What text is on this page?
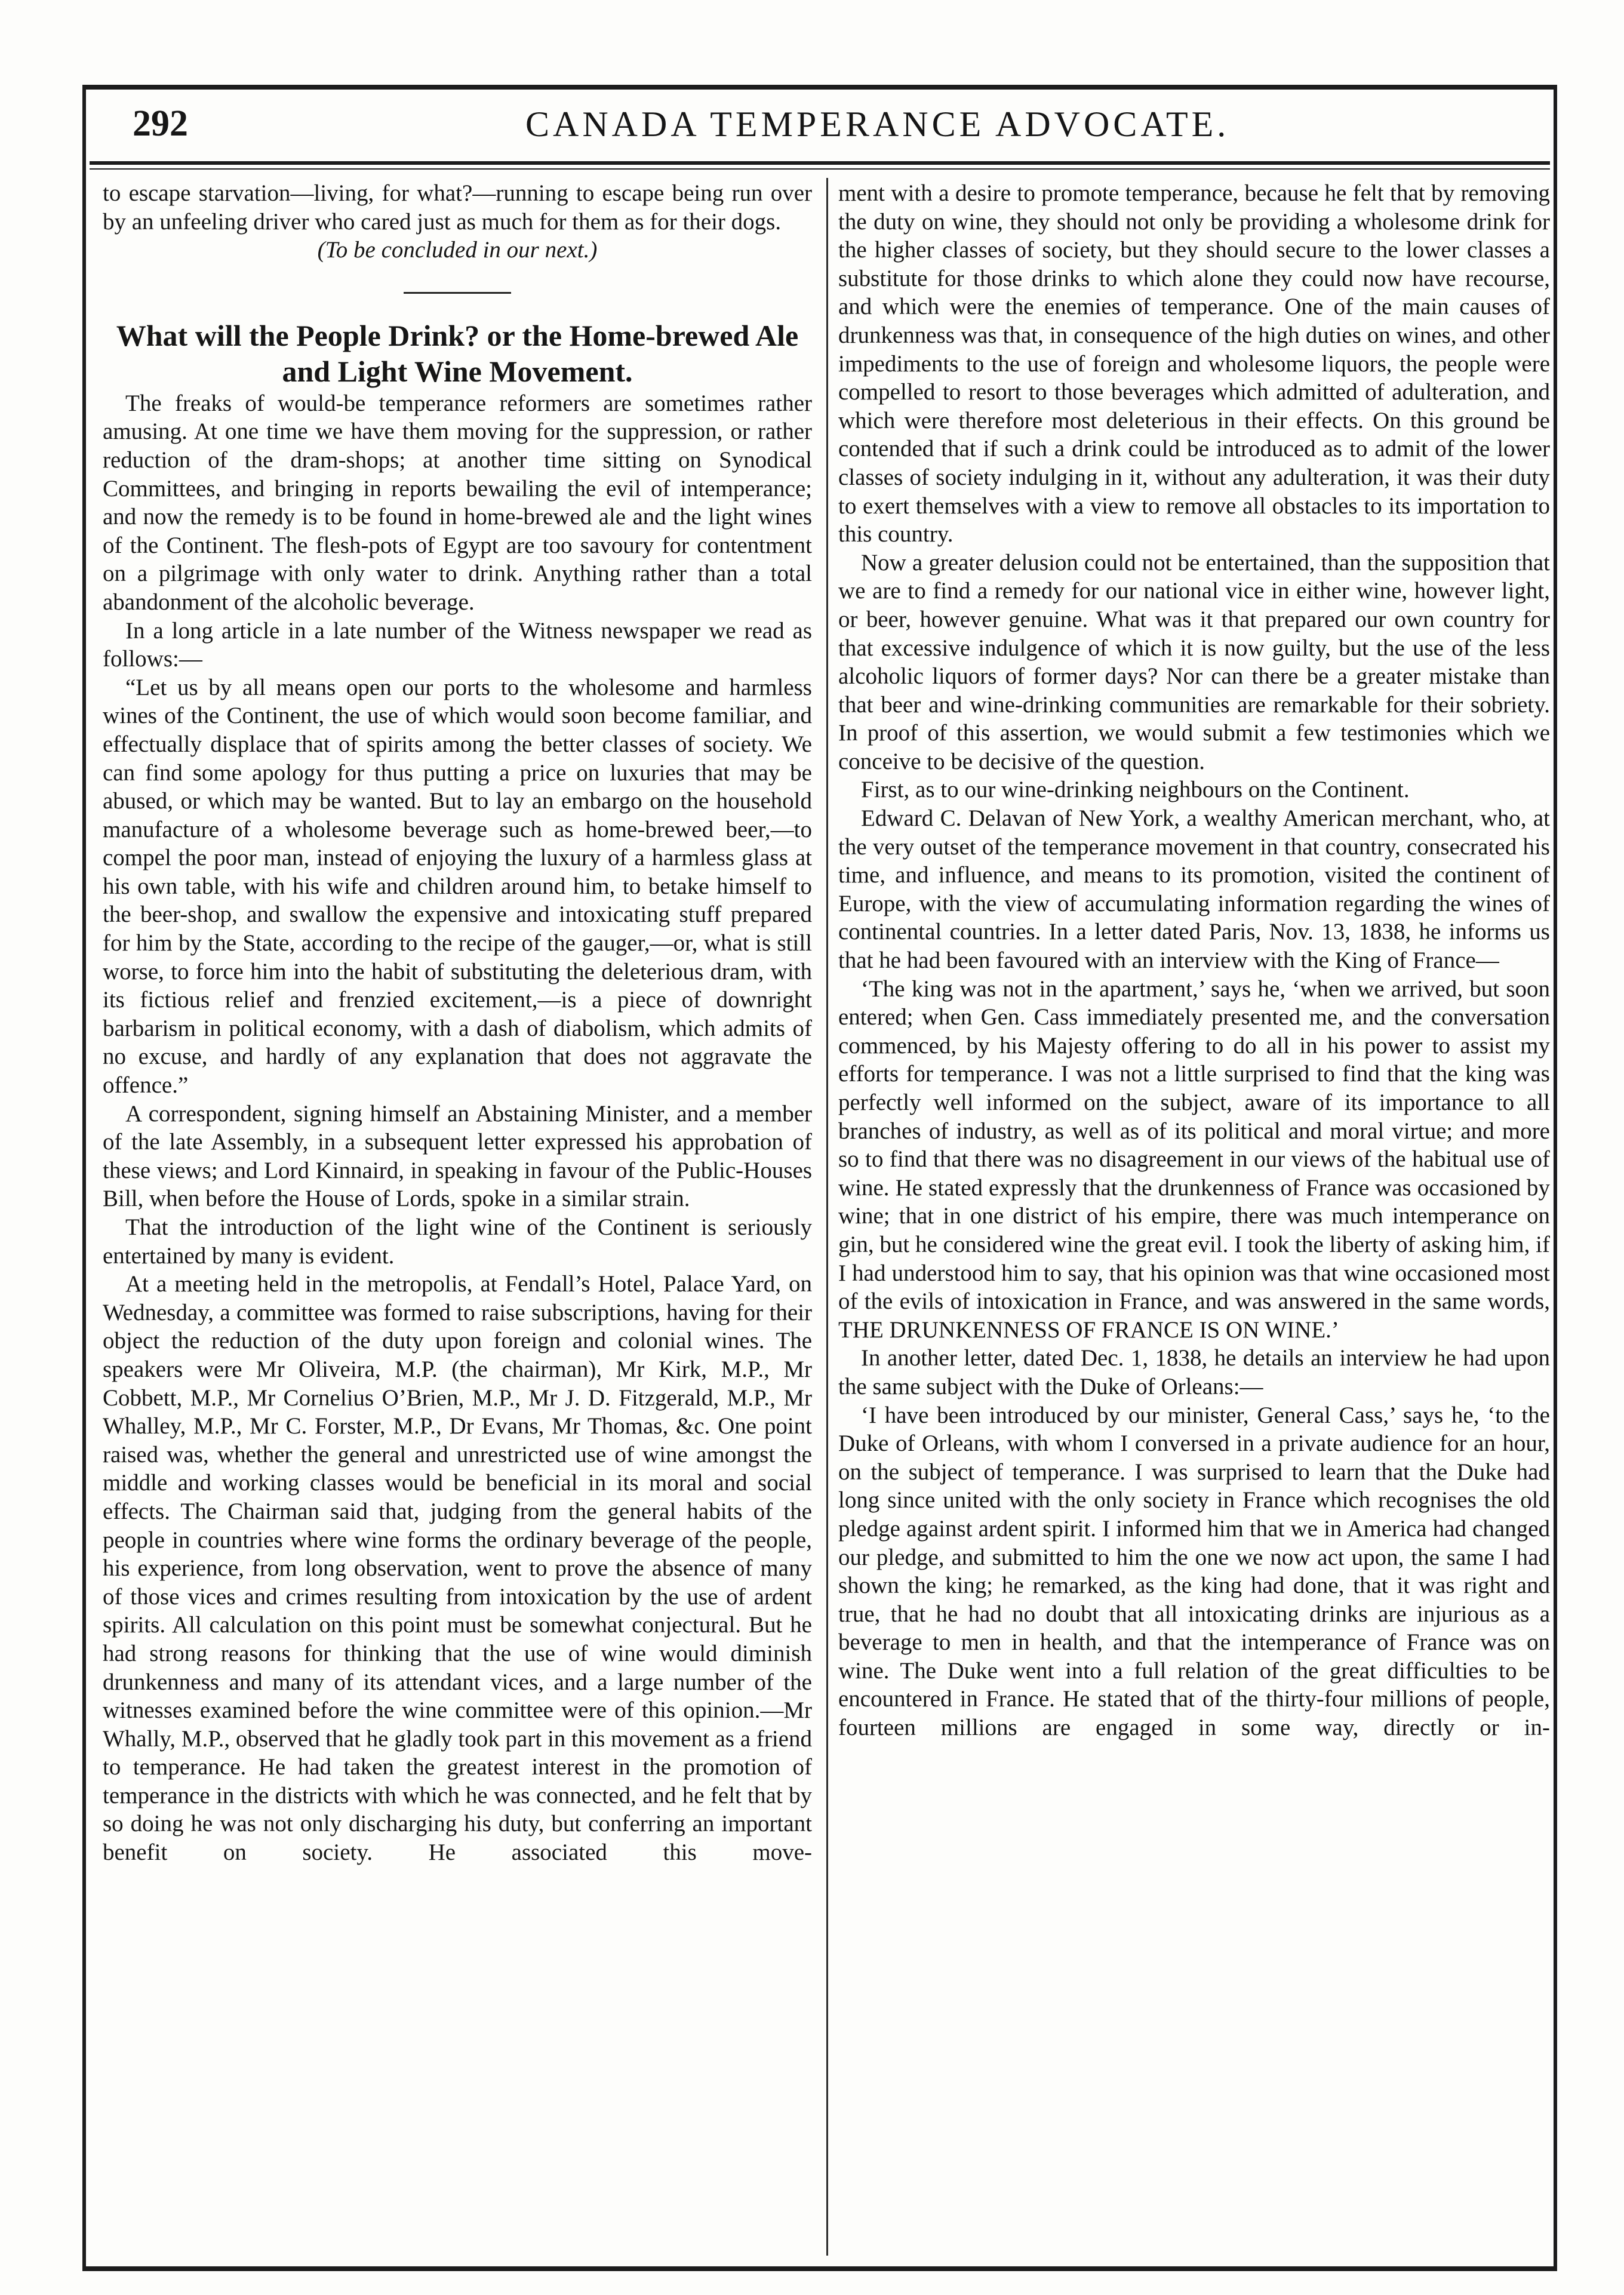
292	CANADA TEMPERANCE ADVOCATE.

to escape starvation—living, for what?—running to escape being run over by an unfeeling driver who cared just as much for them as for their dogs.

(To be concluded in our next.)

What will the People Drink? or the Home-brewed Ale and Light Wine Movement.

The freaks of would-be temperance reformers are sometimes rather amusing. At one time we have them moving for the suppression, or rather reduction of the dram-shops; at another time sitting on Synodical Committees, and bringing in reports bewailing the evil of intemperance; and now the remedy is to be found in home-brewed ale and the light wines of the Continent. The flesh-pots of Egypt are too savoury for contentment on a pilgrimage with only water to drink. Anything rather than a total abandonment of the alcoholic beverage.

In a long article in a late number of the Witness newspaper we read as follows:—

“Let us by all means open our ports to the wholesome and harmless wines of the Continent, the use of which would soon become familiar, and effectually displace that of spirits among the better classes of society. We can find some apology for thus putting a price on luxuries that may be abused, or which may be wanted. But to lay an embargo on the household manufacture of a wholesome beverage such as home-brewed beer,—to compel the poor man, instead of enjoying the luxury of a harmless glass at his own table, with his wife and children around him, to betake himself to the beer-shop, and swallow the expensive and intoxicating stuff prepared for him by the State, according to the recipe of the gauger,—or, what is still worse, to force him into the habit of substituting the deleterious dram, with its fictious relief and frenzied excitement,—is a piece of downright barbarism in political economy, with a dash of diabolism, which admits of no excuse, and hardly of any explanation that does not aggravate the offence.”

A correspondent, signing himself an Abstaining Minister, and a member of the late Assembly, in a subsequent letter expressed his approbation of these views; and Lord Kinnaird, in speaking in favour of the Public-Houses Bill, when before the House of Lords, spoke in a similar strain.

That the introduction of the light wine of the Continent is seriously entertained by many is evident.

At a meeting held in the metropolis, at Fendall’s Hotel, Palace Yard, on Wednesday, a committee was formed to raise subscriptions, having for their object the reduction of the duty upon foreign and colonial wines. The speakers were Mr Oliveira, M.P. (the chairman), Mr Kirk, M.P., Mr Cobbett, M.P., Mr Cornelius O’Brien, M.P., Mr J. D. Fitzgerald, M.P., Mr Whalley, M.P., Mr C. Forster, M.P., Dr Evans, Mr Thomas, &c. One point raised was, whether the general and unrestricted use of wine amongst the middle and working classes would be beneficial in its moral and social effects. The Chairman said that, judging from the general habits of the people in countries where wine forms the ordinary beverage of the people, his experience, from long observation, went to prove the absence of many of those vices and crimes resulting from intoxication by the use of ardent spirits. All calculation on this point must be somewhat conjectural. But he had strong reasons for thinking that the use of wine would diminish drunkenness and many of its attendant vices, and a large number of the witnesses examined before the wine committee were of this opinion.—Mr Whally, M.P., observed that he gladly took part in this movement as a friend to temperance. He had taken the greatest interest in the promotion of temperance in the districts with which he was connected, and he felt that by so doing he was not only discharging his duty, but conferring an important benefit on society. He associated this move-

ment with a desire to promote temperance, because he felt that by removing the duty on wine, they should not only be providing a wholesome drink for the higher classes of society, but they should secure to the lower classes a substitute for those drinks to which alone they could now have recourse, and which were the enemies of temperance. One of the main causes of drunkenness was that, in consequence of the high duties on wines, and other impediments to the use of foreign and wholesome liquors, the people were compelled to resort to those beverages which admitted of adulteration, and which were therefore most deleterious in their effects. On this ground be contended that if such a drink could be introduced as to admit of the lower classes of society indulging in it, without any adulteration, it was their duty to exert themselves with a view to remove all obstacles to its importation to this country.

Now a greater delusion could not be entertained, than the supposition that we are to find a remedy for our national vice in either wine, however light, or beer, however genuine. What was it that prepared our own country for that excessive indulgence of which it is now guilty, but the use of the less alcoholic liquors of former days? Nor can there be a greater mistake than that beer and wine-drinking communities are remarkable for their sobriety. In proof of this assertion, we would submit a few testimonies which we conceive to be decisive of the question.

First, as to our wine-drinking neighbours on the Continent.

Edward C. Delavan of New York, a wealthy American merchant, who, at the very outset of the temperance movement in that country, consecrated his time, and influence, and means to its promotion, visited the continent of Europe, with the view of accumulating information regarding the wines of continental countries. In a letter dated Paris, Nov. 13, 1838, he informs us that he had been favoured with an interview with the King of France—

‘The king was not in the apartment,’ says he, ‘when we arrived, but soon entered; when Gen. Cass immediately presented me, and the conversation commenced, by his Majesty offering to do all in his power to assist my efforts for temperance. I was not a little surprised to find that the king was perfectly well informed on the subject, aware of its importance to all branches of industry, as well as of its political and moral virtue; and more so to find that there was no disagreement in our views of the habitual use of wine. He stated expressly that the drunkenness of France was occasioned by wine; that in one district of his empire, there was much intemperance on gin, but he considered wine the great evil. I took the liberty of asking him, if I had understood him to say, that his opinion was that wine occasioned most of the evils of intoxication in France, and was answered in the same words, THE DRUNKENNESS OF FRANCE IS ON WINE.’

In another letter, dated Dec. 1, 1838, he details an interview he had upon the same subject with the Duke of Orleans:—

‘I have been introduced by our minister, General Cass,’ says he, ‘to the Duke of Orleans, with whom I conversed in a private audience for an hour, on the subject of temperance. I was surprised to learn that the Duke had long since united with the only society in France which recognises the old pledge against ardent spirit. I informed him that we in America had changed our pledge, and submitted to him the one we now act upon, the same I had shown the king; he remarked, as the king had done, that it was right and true, that he had no doubt that all intoxicating drinks are injurious as a beverage to men in health, and that the intemperance of France was on wine. The Duke went into a full relation of the great difficulties to be encountered in France. He stated that of the thirty-four millions of people, fourteen millions are engaged in some way, directly or in-
